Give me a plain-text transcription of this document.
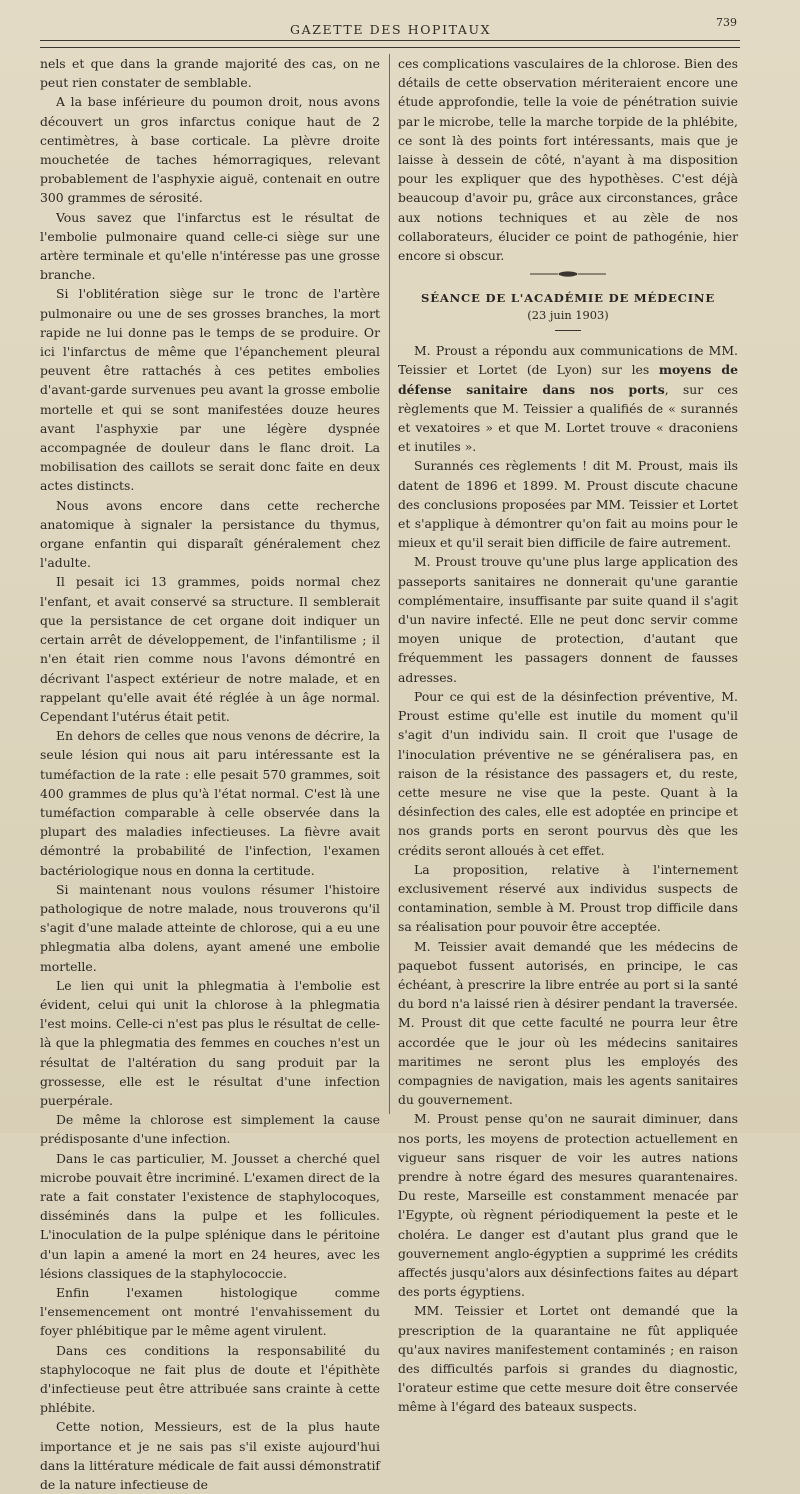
GAZETTE DES HOPITAUX	739

nels et que dans la grande majorité des cas, on ne peut rien constater de semblable.

A la base inférieure du poumon droit, nous avons découvert un gros infarctus conique haut de 2 centimètres, à base corticale. La plèvre droite mouchetée de taches hémorragiques, relevant probablement de l'asphyxie aiguë, contenait en outre 300 grammes de sérosité.

Vous savez que l'infarctus est le résultat de l'embolie pulmonaire quand celle-ci siège sur une artère terminale et qu'elle n'intéresse pas une grosse branche.

Si l'oblitération siège sur le tronc de l'artère pulmonaire ou une de ses grosses branches, la mort rapide ne lui donne pas le temps de se produire. Or ici l'infarctus de même que l'épanchement pleural peuvent être rattachés à ces petites embolies d'avant-garde survenues peu avant la grosse embolie mortelle et qui se sont manifestées douze heures avant l'asphyxie par une légère dyspnée accompagnée de douleur dans le flanc droit. La mobilisation des caillots se serait donc faite en deux actes distincts.

Nous avons encore dans cette recherche anatomique à signaler la persistance du thymus, organe enfantin qui disparaît généralement chez l'adulte.

Il pesait ici 13 grammes, poids normal chez l'enfant, et avait conservé sa structure. Il semblerait que la persistance de cet organe doit indiquer un certain arrêt de développement, de l'infantilisme ; il n'en était rien comme nous l'avons démontré en décrivant l'aspect extérieur de notre malade, et en rappelant qu'elle avait été réglée à un âge normal. Cependant l'utérus était petit.

En dehors de celles que nous venons de décrire, la seule lésion qui nous ait paru intéressante est la tuméfaction de la rate : elle pesait 570 grammes, soit 400 grammes de plus qu'à l'état normal. C'est là une tuméfaction comparable à celle observée dans la plupart des maladies infectieuses. La fièvre avait démontré la probabilité de l'infection, l'examen bactériologique nous en donna la certitude.

Si maintenant nous voulons résumer l'histoire pathologique de notre malade, nous trouverons qu'il s'agit d'une malade atteinte de chlorose, qui a eu une phlegmatia alba dolens, ayant amené une embolie mortelle.

Le lien qui unit la phlegmatia à l'embolie est évident, celui qui unit la chlorose à la phlegmatia l'est moins. Celle-ci n'est pas plus le résultat de celle-là que la phlegmatia des femmes en couches n'est un résultat de l'altération du sang produit par la grossesse, elle est le résultat d'une infection puerpérale.

De même la chlorose est simplement la cause prédisposante d'une infection.

Dans le cas particulier, M. Jousset a cherché quel microbe pouvait être incriminé. L'examen direct de la rate a fait constater l'existence de staphylocoques, disséminés dans la pulpe et les follicules. L'inoculation de la pulpe splénique dans le péritoine d'un lapin a amené la mort en 24 heures, avec les lésions classiques de la staphylococcie.

Enfin l'examen histologique comme l'ensemencement ont montré l'envahissement du foyer phlébitique par le même agent virulent.

Dans ces conditions la responsabilité du staphylocoque ne fait plus de doute et l'épithète d'infectieuse peut être attribuée sans crainte à cette phlébite.

Cette notion, Messieurs, est de la plus haute importance et je ne sais pas s'il existe aujourd'hui dans la littérature médicale de fait aussi démonstratif de la nature infectieuse de

ces complications vasculaires de la chlorose. Bien des détails de cette observation mériteraient encore une étude approfondie, telle la voie de pénétration suivie par le microbe, telle la marche torpide de la phlébite, ce sont là des points fort intéressants, mais que je laisse à dessein de côté, n'ayant à ma disposition pour les expliquer que des hypothèses. C'est déjà beaucoup d'avoir pu, grâce aux circonstances, grâce aux notions techniques et au zèle de nos collaborateurs, élucider ce point de pathogénie, hier encore si obscur.

SÉANCE DE L'ACADÉMIE DE MÉDECINE
(23 juin 1903)

M. Proust a répondu aux communications de MM. Teissier et Lortet (de Lyon) sur les moyens de défense sanitaire dans nos ports, sur ces règlements que M. Teissier a qualifiés de « surannés et vexatoires » et que M. Lortet trouve « draconiens et inutiles ».

Surannés ces règlements ! dit M. Proust, mais ils datent de 1896 et 1899. M. Proust discute chacune des conclusions proposées par MM. Teissier et Lortet et s'applique à démontrer qu'on fait au moins pour le mieux et qu'il serait bien difficile de faire autrement.

M. Proust trouve qu'une plus large application des passeports sanitaires ne donnerait qu'une garantie complémentaire, insuffisante par suite quand il s'agit d'un navire infecté. Elle ne peut donc servir comme moyen unique de protection, d'autant que fréquemment les passagers donnent de fausses adresses.

Pour ce qui est de la désinfection préventive, M. Proust estime qu'elle est inutile du moment qu'il s'agit d'un individu sain. Il croit que l'usage de l'inoculation préventive ne se généralisera pas, en raison de la résistance des passagers et, du reste, cette mesure ne vise que la peste. Quant à la désinfection des cales, elle est adoptée en principe et nos grands ports en seront pourvus dès que les crédits seront alloués à cet effet.

La proposition, relative à l'internement exclusivement réservé aux individus suspects de contamination, semble à M. Proust trop difficile dans sa réalisation pour pouvoir être acceptée.

M. Teissier avait demandé que les médecins de paquebot fussent autorisés, en principe, le cas échéant, à prescrire la libre entrée au port si la santé du bord n'a laissé rien à désirer pendant la traversée. M. Proust dit que cette faculté ne pourra leur être accordée que le jour où les médecins sanitaires maritimes ne seront plus les employés des compagnies de navigation, mais les agents sanitaires du gouvernement.

M. Proust pense qu'on ne saurait diminuer, dans nos ports, les moyens de protection actuellement en vigueur sans risquer de voir les autres nations prendre à notre égard des mesures quarantenaires. Du reste, Marseille est constamment menacée par l'Egypte, où règnent périodiquement la peste et le choléra. Le danger est d'autant plus grand que le gouvernement anglo-égyptien a supprimé les crédits affectés jusqu'alors aux désinfections faites au départ des ports égyptiens.

MM. Teissier et Lortet ont demandé que la prescription de la quarantaine ne fût appliquée qu'aux navires manifestement contaminés ; en raison des difficultés parfois si grandes du diagnostic, l'orateur estime que cette mesure doit être conservée même à l'égard des bateaux suspects.
